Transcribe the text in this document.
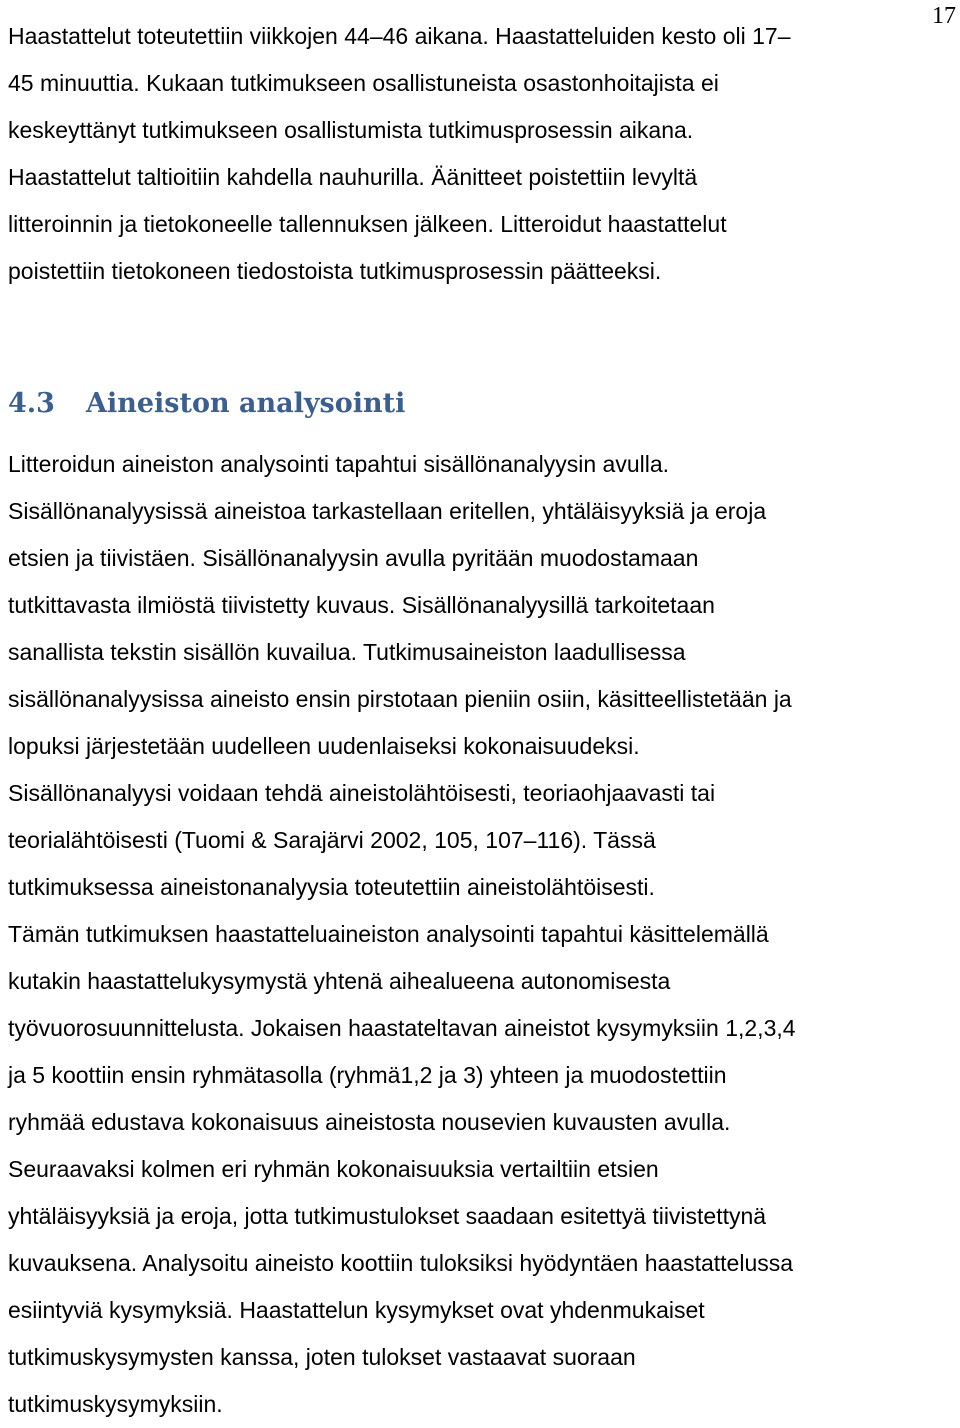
17
Haastattelut toteutettiin viikkojen 44–46 aikana. Haastatteluiden kesto oli 17–
45 minuuttia. Kukaan tutkimukseen osallistuneista osastonhoitajista ei
keskeyttänyt tutkimukseen osallistumista tutkimusprosessin aikana.
Haastattelut taltioitiin kahdella nauhurilla. Äänitteet poistettiin levyltä
litteroinnin ja tietokoneelle tallennuksen jälkeen. Litteroidut haastattelut
poistettiin tietokoneen tiedostoista tutkimusprosessin päätteeksi.
4.3 Aineiston analysointi
Litteroidun aineiston analysointi tapahtui sisällönanalyysin avulla.
Sisällönanalyysissä aineistoa tarkastellaan eritellen, yhtäläisyyksiä ja eroja
etsien ja tiivistäen. Sisällönanalyysin avulla pyritään muodostamaan
tutkittavasta ilmiöstä tiivistetty kuvaus. Sisällönanalyysillä tarkoitetaan
sanallista tekstin sisällön kuvailua. Tutkimusaineiston laadullisessa
sisällönanalyysissa aineisto ensin pirstotaan pieniin osiin, käsitteellistetään ja
lopuksi järjestetään uudelleen uudenlaiseksi kokonaisuudeksi.
Sisällönanalyysi voidaan tehdä aineistolähtöisesti, teoriaohjaavasti tai
teorialähtöisesti (Tuomi & Sarajärvi 2002, 105, 107–116). Tässä
tutkimuksessa aineistonanalyysia toteutettiin aineistolähtöisesti.
Tämän tutkimuksen haastatteluaineiston analysointi tapahtui käsittelemällä
kutakin haastattelukysymystä yhtenä aihealueena autonomisesta
työvuorosuunnittelusta. Jokaisen haastateltavan aineistot kysymyksiin 1,2,3,4
ja 5 koottiin ensin ryhmätasolla (ryhmä1,2 ja 3) yhteen ja muodostettiin
ryhmää edustava kokonaisuus aineistosta nousevien kuvausten avulla.
Seuraavaksi kolmen eri ryhmän kokonaisuuksia vertailtiin etsien
yhtäläisyyksiä ja eroja, jotta tutkimustulokset saadaan esitettyä tiivistettynä
kuvauksena. Analysoitu aineisto koottiin tuloksiksi hyödyntäen haastattelussa
esiintyviä kysymyksiä. Haastattelun kysymykset ovat yhdenmukaiset
tutkimuskysymysten kanssa, joten tulokset vastaavat suoraan
tutkimuskysymyksiin.
